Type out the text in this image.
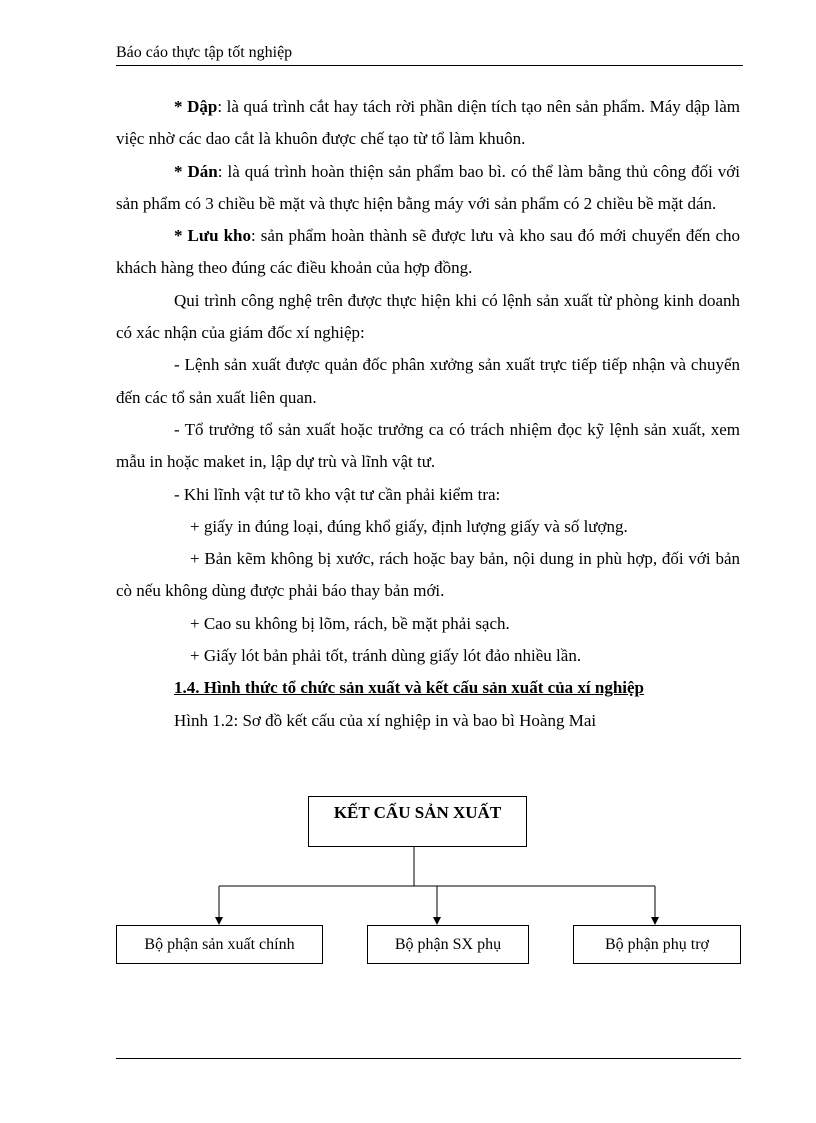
Báo cáo thực tập tốt nghiệp

* Dập: là quá trình cắt hay tách rời phần diện tích tạo nên sản phẩm. Máy dập làm việc nhờ các dao cắt là khuôn được chế tạo từ tổ làm khuôn.

* Dán: là quá trình hoàn thiện sản phẩm bao bì. có thể làm bằng thủ công đối với sản phẩm có 3 chiều bề mặt và thực hiện bằng máy với sản phẩm có 2 chiều bề mặt dán.

* Lưu kho: sản phẩm hoàn thành sẽ được lưu và kho sau đó mới chuyển đến cho khách hàng theo đúng các điều khoản của hợp đồng.

Qui trình công nghệ trên được thực hiện khi có lệnh sản xuất từ phòng kinh doanh có xác nhận của giám đốc xí nghiệp:

- Lệnh sản xuất được quản đốc phân xưởng sản xuất trực tiếp tiếp nhận và chuyển đến các tổ sản xuất liên quan.

- Tổ trưởng tổ sản xuất hoặc trưởng ca có trách nhiệm đọc kỹ lệnh sản xuất, xem mẫu in hoặc maket in, lập dự trù và lĩnh vật tư.

- Khi lĩnh vật tư tõ kho vật tư cần phải kiểm tra:

+ giấy in đúng loại, đúng khổ giấy, định lượng giấy và số lượng.

+ Bản kẽm không bị xước, rách hoặc bay bản, nội dung in phù hợp, đối với bản cò nếu không dùng được phải báo thay bản mới.

+ Cao su không bị lõm, rách, bề mặt phải sạch.

+ Giấy lót bản phải tốt, tránh dùng giấy lót đảo nhiều lần.

1.4. Hình thức tổ chức sản xuất và kết cấu sản xuất của xí nghiệp

Hình 1.2: Sơ đồ kết cấu của xí nghiệp in và bao bì Hoàng Mai

KẾT CẤU SẢN XUẤT
Bộ phận sản xuất chính	Bộ phận SX phụ	Bộ phận phụ trợ
